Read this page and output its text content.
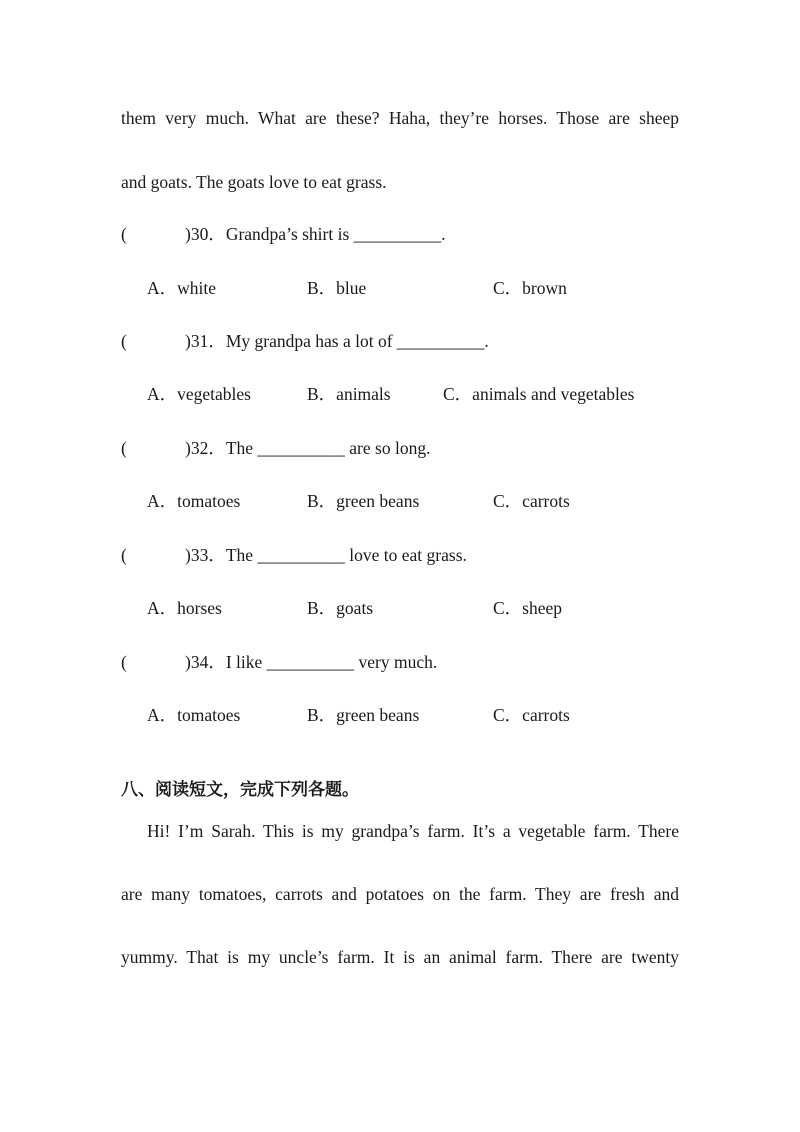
them very much. What are these? Haha, they’re horses. Those are sheep
and goats. The goats love to eat grass.
(	)30．Grandpa’s shirt is __________.
A．white	B．blue	C．brown
(	)31．My grandpa has a lot of __________.
A．vegetables	B．animals	C．animals and vegetables
(	)32．The __________ are so long.
A．tomatoes	B．green beans	C．carrots
(	)33．The __________ love to eat grass.
A．horses	B．goats	C．sheep
(	)34．I like __________ very much.
A．tomatoes	B．green beans	C．carrots
八、阅读短文，完成下列各题。
Hi! I’m Sarah. This is my grandpa’s farm. It’s a vegetable farm. There
are many tomatoes, carrots and potatoes on the farm. They are fresh and
yummy. That is my uncle’s farm. It is an animal farm. There are twenty
